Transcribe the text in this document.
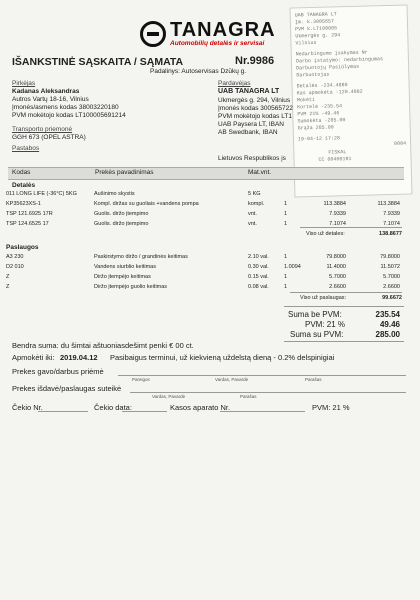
UAB TANAGRA LT
Įm. k.3005657
PVM k.LT100005
Ukmergės g. 294
Vilnius
Nedarbingumo įsakymas Nr
Darbo įstatymo: nedarbingumas
Darbuotojų Pasiūlymas
Darbuotojas
Detalės -234.4880
Kas apmokėta -120.4882
Mokėti
Kortelė -235.54
PVM 21% -49.46
Sumokėta -285.00
Grąža 285.00
19-04-12 17:28
0004
FISKAL
CC 00400191
TANAGRA
Automobilių detalės ir servisai
IŠANKSTINĖ SĄSKAITA / SĄMATA	Nr.9986
Padalinys: Autoservisas Dzūkų g.
Pirkėjas
Kadanas Aleksandras
Autros Vartų 18-16, Vilnius
Įmonės/asmens kodas 38003220180
PVM mokėtojo kodas LT100005691214
Pardavėjas
UAB TANAGRA LT
Ukmergės g. 294, Vilnius
Įmonės kodas 300565722
PVM mokėtojo kodas LT1
UAB Paysera LT, IBAN
AB Swedbank, IBAN
Transporto priemonė
GGH 673 (OPEL ASTRA)
Pastabos
Lietuvos Respublikos įs
Kodas	Prekės pavadinimas	Mat.vnt.
Detalės
011 LONG LIFE (-36°C) 5KG	Aušinimo skystis	5 KG
KP35623XS-1	Kompl. diržas su guoliais +vandens pompa	kompl.	1	113.3884	113.3884
TSP 121.6925 17R	Guolis. diržo įtempimo	vnt.	1	7.9339	7.9339
TSP 124.6525 17	Guolis. diržo įtempimo	vnt.	1	7.1074	7.1074
Viso už detales:	138.8677
Paslaugos
A3 230	Paskirstymo diržo / grandinės keitimas	2.10 val.	1	79.8000	79.8000
D2 010	Vandens siurblio keitimas	0.30 val.	1.0094	11.4000	11.5072
Z	Diržo įtempėjo keitimas	0.15 val.	1	5.7000	5.7000
Z	Diržo įtempėjo guolio keitimas	0.08 val.	1	2.6600	2.6600
Viso už paslaugas:	99.6672
Suma be PVM:	235.54
PVM: 21 %	49.46
Suma su PVM:	285.00
Bendra suma: du šimtai aštuoniasdešimt penki € 00 ct.
Apmokėti iki: 2019.04.12 Pasibaigus terminui, už kiekvieną uždelstą dieną - 0.2% delspinigiai
Prekes gavo/darbus priėmė
Pareigos	Vardas, Pavardė	Parašas
Prekes išdavė/paslaugas suteikė
Vardas, Pavardė	Parašas
Čekio Nr.	Čekio data:	Kasos aparato Nr.	PVM: 21 %
